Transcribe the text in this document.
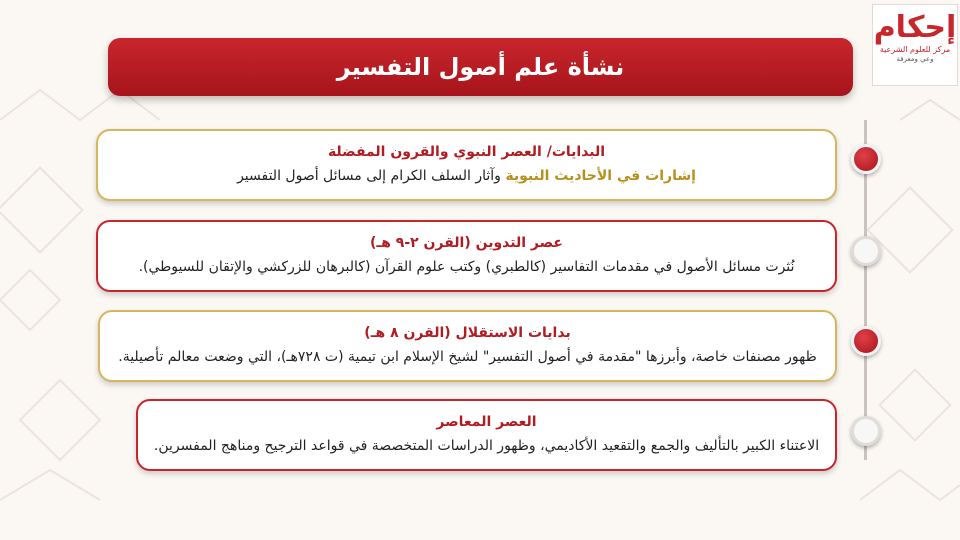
إحكام
مركز للعلوم الشرعية
وعي ومعرفة
نشأة علم أصول التفسير
البدايات/ العصر النبوي والقرون المفضلة
إشارات في الأحاديث النبوية وآثار السلف الكرام إلى مسائل أصول التفسير
عصر التدوين (القرن ٢-٩ هـ)
نُثرت مسائل الأصول في مقدمات التفاسير (كالطبري) وكتب علوم القرآن (كالبرهان للزركشي والإتقان للسيوطي).
بدايات الاستقلال (القرن ٨ هـ)
ظهور مصنفات خاصة، وأبرزها "مقدمة في أصول التفسير" لشيخ الإسلام ابن تيمية (ت ٧٢٨هـ)، التي وضعت معالم تأصيلية.
العصر المعاصر
الاعتناء الكبير بالتأليف والجمع والتقعيد الأكاديمي، وظهور الدراسات المتخصصة في قواعد الترجيح ومناهج المفسرين.
